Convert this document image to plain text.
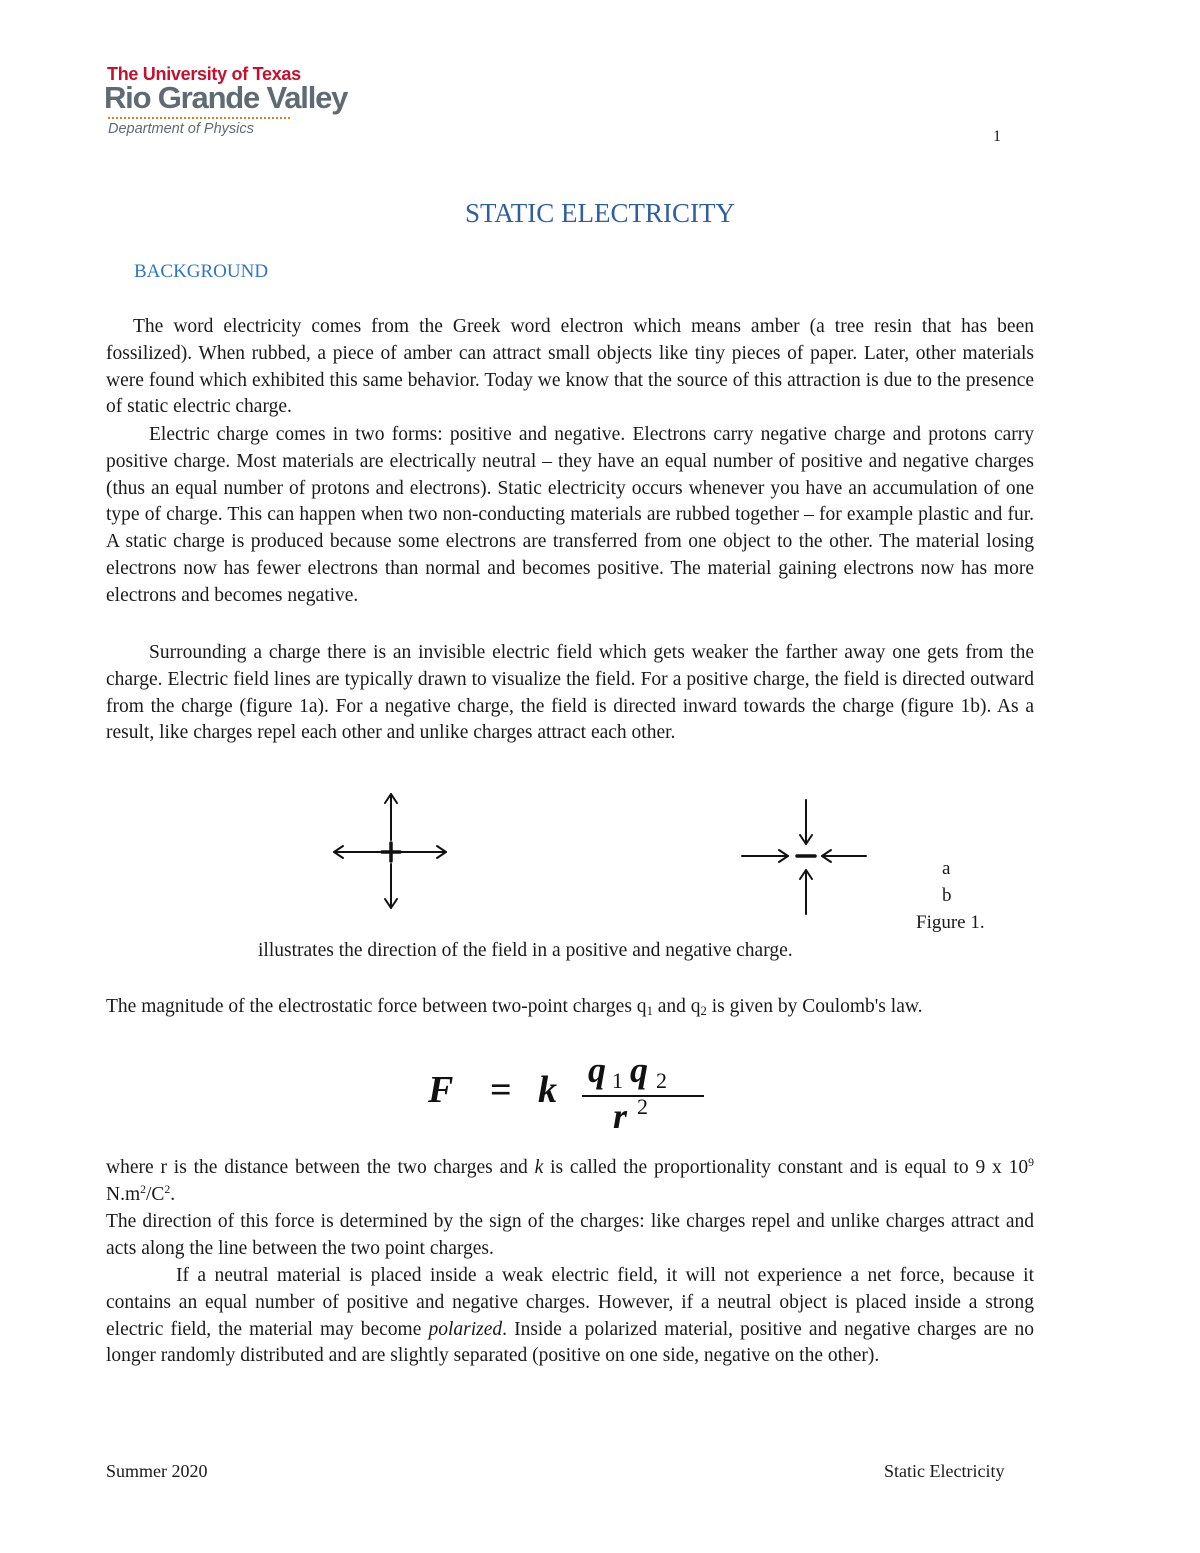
The University of Texas
Rio Grande Valley
Department of Physics	1
STATIC ELECTRICITY
BACKGROUND

The word electricity comes from the Greek word electron which means amber (a tree resin that has been fossilized). When rubbed, a piece of amber can attract small objects like tiny pieces of paper. Later, other materials were found which exhibited this same behavior. Today we know that the source of this attraction is due to the presence of static electric charge.

Electric charge comes in two forms: positive and negative. Electrons carry negative charge and protons carry positive charge. Most materials are electrically neutral – they have an equal number of positive and negative charges (thus an equal number of protons and electrons). Static electricity occurs whenever you have an accumulation of one type of charge. This can happen when two non-conducting materials are rubbed together – for example plastic and fur. A static charge is produced because some electrons are transferred from one object to the other. The material losing electrons now has fewer electrons than normal and becomes positive. The material gaining electrons now has more electrons and becomes negative.

Surrounding a charge there is an invisible electric field which gets weaker the farther away one gets from the charge. Electric field lines are typically drawn to visualize the field. For a positive charge, the field is directed outward from the charge (figure 1a). For a negative charge, the field is directed inward towards the charge (figure 1b). As a result, like charges repel each other and unlike charges attract each other.

a
b
Figure 1.
illustrates the direction of the field in a positive and negative charge.

The magnitude of the electrostatic force between two-point charges $q_1$ and $q_2$ is given by Coulomb's law.

F = k q 1 q 2
r 2

where r is the distance between the two charges and k is called the proportionality constant and is equal to 9 x $10^9$ $N.m^2/C^2$.

The direction of this force is determined by the sign of the charges: like charges repel and unlike charges attract and acts along the line between the two point charges.

If a neutral material is placed inside a weak electric field, it will not experience a net force, because it contains an equal number of positive and negative charges. However, if a neutral object is placed inside a strong electric field, the material may become polarized. Inside a polarized material, positive and negative charges are no longer randomly distributed and are slightly separated (positive on one side, negative on the other).

Summer 2020	Static Electricity
